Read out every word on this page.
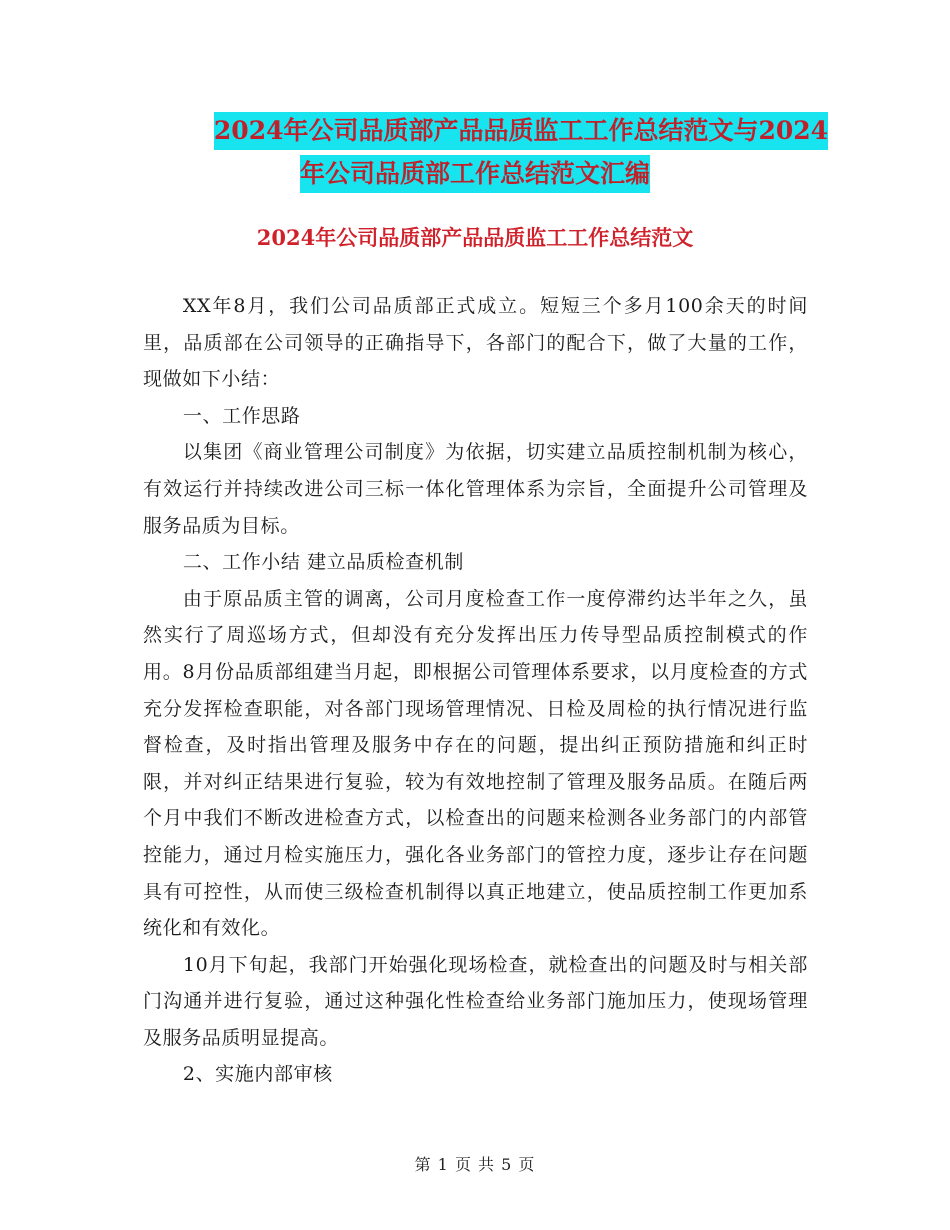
2024年公司品质部产品品质监工工作总结范文与2024
年公司品质部工作总结范文汇编
2024年公司品质部产品品质监工工作总结范文

XX年8月，我们公司品质部正式成立。短短三个多月100余天的时间里，品质部在公司领导的正确指导下，各部门的配合下，做了大量的工作，现做如下小结：

一、工作思路

以集团《商业管理公司制度》为依据，切实建立品质控制机制为核心，有效运行并持续改进公司三标一体化管理体系为宗旨，全面提升公司管理及服务品质为目标。

二、工作小结 建立品质检查机制

由于原品质主管的调离，公司月度检查工作一度停滞约达半年之久，虽然实行了周巡场方式，但却没有充分发挥出压力传导型品质控制模式的作用。8月份品质部组建当月起，即根据公司管理体系要求，以月度检查的方式充分发挥检查职能，对各部门现场管理情况、日检及周检的执行情况进行监督检查，及时指出管理及服务中存在的问题，提出纠正预防措施和纠正时限，并对纠正结果进行复验，较为有效地控制了管理及服务品质。在随后两个月中我们不断改进检查方式，以检查出的问题来检测各业务部门的内部管控能力，通过月检实施压力，强化各业务部门的管控力度，逐步让存在问题具有可控性，从而使三级检查机制得以真正地建立，使品质控制工作更加系统化和有效化。

10月下旬起，我部门开始强化现场检查，就检查出的问题及时与相关部门沟通并进行复验，通过这种强化性检查给业务部门施加压力，使现场管理及服务品质明显提高。

2、实施内部审核

第 1 页 共 5 页
